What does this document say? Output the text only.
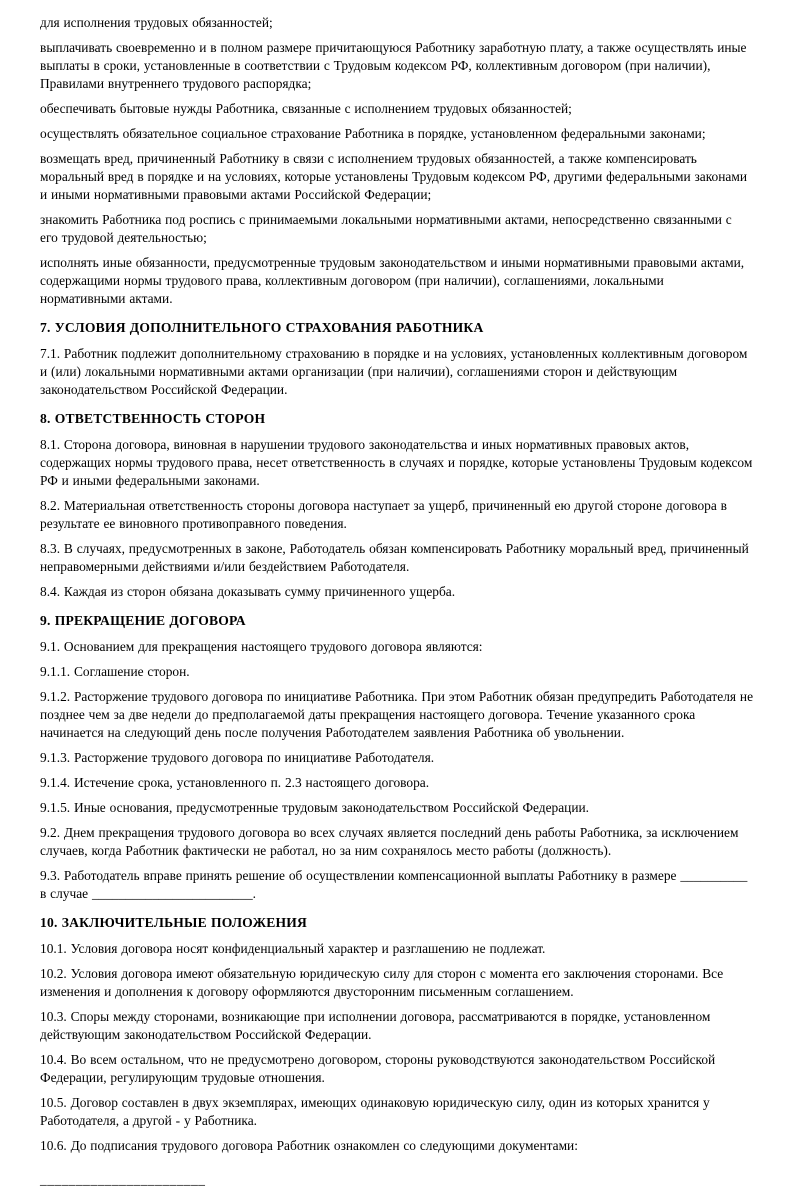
для исполнения трудовых обязанностей;

выплачивать своевременно и в полном размере причитающуюся Работнику заработную плату, а также осуществлять иные выплаты в сроки, установленные в соответствии с Трудовым кодексом РФ, коллективным договором (при наличии), Правилами внутреннего трудового распорядка;

обеспечивать бытовые нужды Работника, связанные с исполнением трудовых обязанностей;

осуществлять обязательное социальное страхование Работника в порядке, установленном федеральными законами;

возмещать вред, причиненный Работнику в связи с исполнением трудовых обязанностей, а также компенсировать моральный вред в порядке и на условиях, которые установлены Трудовым кодексом РФ, другими федеральными законами и иными нормативными правовыми актами Российской Федерации;

знакомить Работника под роспись с принимаемыми локальными нормативными актами, непосредственно связанными с его трудовой деятельностью;

исполнять иные обязанности, предусмотренные трудовым законодательством и иными нормативными правовыми актами, содержащими нормы трудового права, коллективным договором (при наличии), соглашениями, локальными нормативными актами.

7. УСЛОВИЯ ДОПОЛНИТЕЛЬНОГО СТРАХОВАНИЯ РАБОТНИКА

7.1. Работник подлежит дополнительному страхованию в порядке и на условиях, установленных коллективным договором и (или) локальными нормативными актами организации (при наличии), соглашениями сторон и действующим законодательством Российской Федерации.

8. ОТВЕТСТВЕННОСТЬ СТОРОН

8.1. Сторона договора, виновная в нарушении трудового законодательства и иных нормативных правовых актов, содержащих нормы трудового права, несет ответственность в случаях и порядке, которые установлены Трудовым кодексом РФ и иными федеральными законами.

8.2. Материальная ответственность стороны договора наступает за ущерб, причиненный ею другой стороне договора в результате ее виновного противоправного поведения.

8.3. В случаях, предусмотренных в законе, Работодатель обязан компенсировать Работнику моральный вред, причиненный неправомерными действиями и/или бездействием Работодателя.

8.4. Каждая из сторон обязана доказывать сумму причиненного ущерба.

9. ПРЕКРАЩЕНИЕ ДОГОВОРА

9.1. Основанием для прекращения настоящего трудового договора являются:

9.1.1. Соглашение сторон.

9.1.2. Расторжение трудового договора по инициативе Работника. При этом Работник обязан предупредить Работодателя не позднее чем за две недели до предполагаемой даты прекращения настоящего договора. Течение указанного срока начинается на следующий день после получения Работодателем заявления Работника об увольнении.

9.1.3. Расторжение трудового договора по инициативе Работодателя.

9.1.4. Истечение срока, установленного п. 2.3 настоящего договора.

9.1.5. Иные основания, предусмотренные трудовым законодательством Российской Федерации.

9.2. Днем прекращения трудового договора во всех случаях является последний день работы Работника, за исключением случаев, когда Работник фактически не работал, но за ним сохранялось место работы (должность).

9.3. Работодатель вправе принять решение об осуществлении компенсационной выплаты Работнику в размере __________ в случае ________________________.

10. ЗАКЛЮЧИТЕЛЬНЫЕ ПОЛОЖЕНИЯ

10.1. Условия договора носят конфиденциальный характер и разглашению не подлежат.

10.2. Условия договора имеют обязательную юридическую силу для сторон с момента его заключения сторонами. Все изменения и дополнения к договору оформляются двусторонним письменным соглашением.

10.3. Споры между сторонами, возникающие при исполнении договора, рассматриваются в порядке, установленном действующим законодательством Российской Федерации.

10.4. Во всем остальном, что не предусмотрено договором, стороны руководствуются законодательством Российской Федерации, регулирующим трудовые отношения.

10.5. Договор составлен в двух экземплярах, имеющих одинаковую юридическую силу, один из которых хранится у Работодателя, а другой - у Работника.

10.6. До подписания трудового договора Работник ознакомлен со следующими документами:

_______________________
